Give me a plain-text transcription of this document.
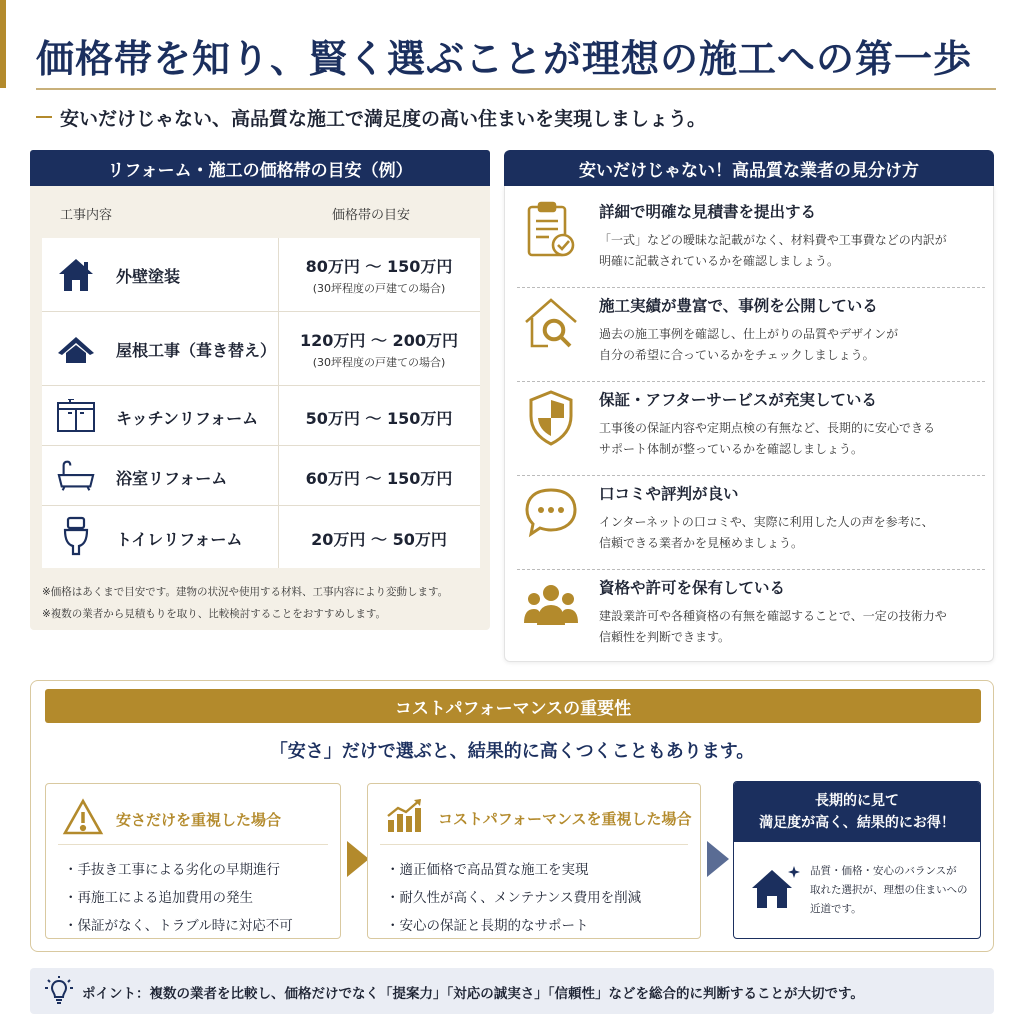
価格帯を知り、賢く選ぶことが理想の施工への第一歩

安いだけじゃない、高品質な施工で満足度の高い住まいを実現しましょう。

リフォーム・施工の価格帯の目安（例）
工事内容	価格帯の目安
外壁塗装
80万円 ～ 150万円
(30坪程度の戸建ての場合)
屋根工事（葺き替え）
120万円 ～ 200万円
(30坪程度の戸建ての場合)
キッチンリフォーム	50万円 ～ 150万円
浴室リフォーム	60万円 ～ 150万円
トイレリフォーム	20万円 ～ 50万円

※価格はあくまで目安です。建物の状況や使用する材料、工事内容により変動します。

※複数の業者から見積もりを取り、比較検討することをおすすめします。

安いだけじゃない！高品質な業者の見分け方
詳細で明確な見積書を提出する
「一式」などの曖昧な記載がなく、材料費や工事費などの内訳が
明確に記載されているかを確認しましょう。
施工実績が豊富で、事例を公開している
過去の施工事例を確認し、仕上がりの品質やデザインが
自分の希望に合っているかをチェックしましょう。
保証・アフターサービスが充実している
工事後の保証内容や定期点検の有無など、長期的に安心できる
サポート体制が整っているかを確認しましょう。
口コミや評判が良い
インターネットの口コミや、実際に利用した人の声を参考に、
信頼できる業者かを見極めましょう。
資格や許可を保有している
建設業許可や各種資格の有無を確認することで、一定の技術力や
信頼性を判断できます。
コストパフォーマンスの重要性

「安さ」だけで選ぶと、結果的に高くつくこともあります。

安さだけを重視した場合
・手抜き工事による劣化の早期進行
・再施工による追加費用の発生
・保証がなく、トラブル時に対応不可
コストパフォーマンスを重視した場合
・適正価格で高品質な施工を実現
・耐久性が高く、メンテナンス費用を削減
・安心の保証と長期的なサポート
長期的に見て
満足度が高く、結果的にお得！
品質・価格・安心のバランスが
取れた選択が、理想の住まいへの
近道です。

ポイント：複数の業者を比較し、価格だけでなく「提案力」「対応の誠実さ」「信頼性」などを総合的に判断することが大切です。
